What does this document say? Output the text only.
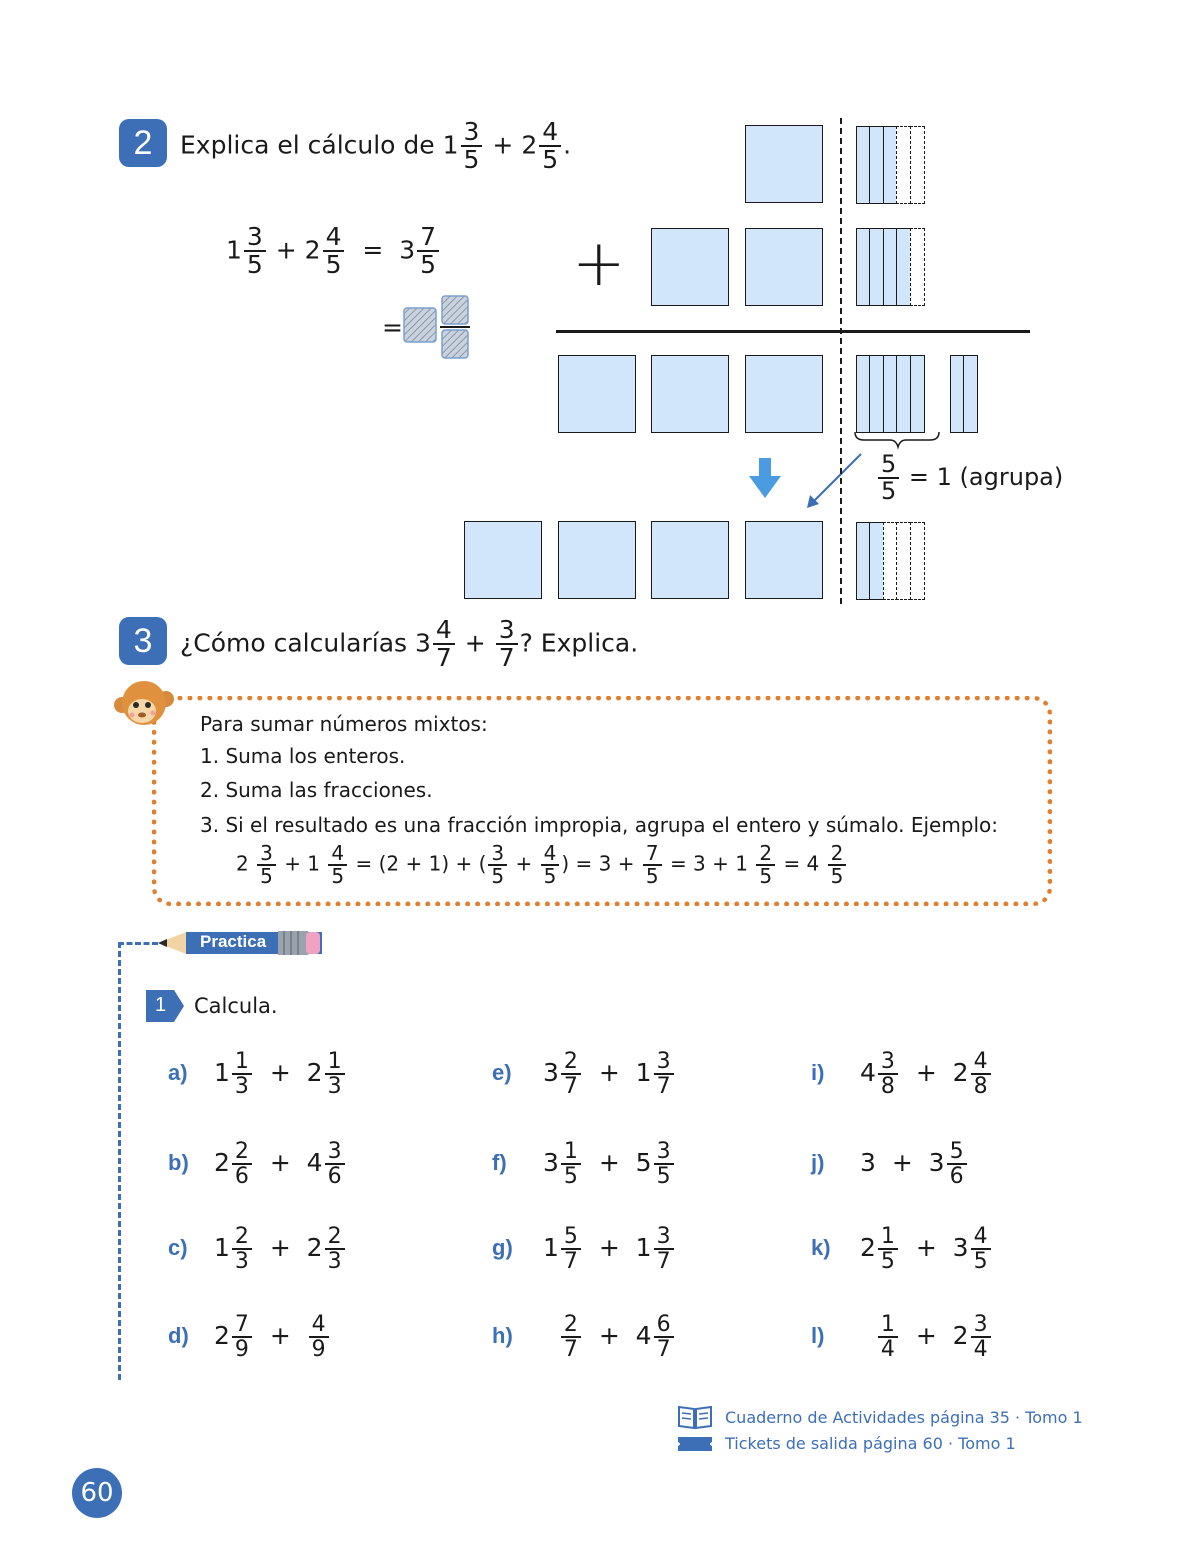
2	Explica el cálculo de $1 \frac{3}{5} + 2 \frac{4}{5}$ .
$1 \frac{3}{5} + 2 \frac{4}{5} = 3 \frac{7}{5}$
=
+
$\frac{5}{5} = 1$ (agrupa)
3	¿Cómo calcularías $3 \frac{4}{7} + \frac{3}{7}$ ? Explica.
Para sumar números mixtos:
1. Suma los enteros.
2. Suma las fracciones.
3. Si el resultado es una fracción impropia, agrupa el entero y súmalo. Ejemplo:
$2 \frac{3}{5} + 1 \frac{4}{5} = (2 + 1)$ + ( $\frac{3}{5} + \frac{4}{5}$ ) = $3 + \frac{7}{5} = 3 + 1 \frac{2}{5} = 4 \frac{2}{5}$
Practica
1 Calcula.
a) $1 \frac{1}{3} + 2 \frac{1}{3}$
b) $2 \frac{2}{6} + 4 \frac{3}{6}$
c) $1 \frac{2}{3} + 2 \frac{2}{3}$
d) $2 \frac{7}{9} + \frac{4}{9}$
e) $3 \frac{2}{7} + 1 \frac{3}{7}$
f) $3 \frac{1}{5} + 5 \frac{3}{5}$
g) $1 \frac{5}{7} + 1 \frac{3}{7}$
h)
$\frac{2}{7} + 4 \frac{6}{7}$
i) $4 \frac{3}{8} + 2 \frac{4}{8}$
j) $3 + 3 \frac{5}{6}$
k) $2 \frac{1}{5} + 3 \frac{4}{5}$
l)
$\frac{1}{4} + 2 \frac{3}{4}$
Cuaderno de Actividades página 35 · Tomo 1
Tickets de salida página 60 · Tomo 1
60
